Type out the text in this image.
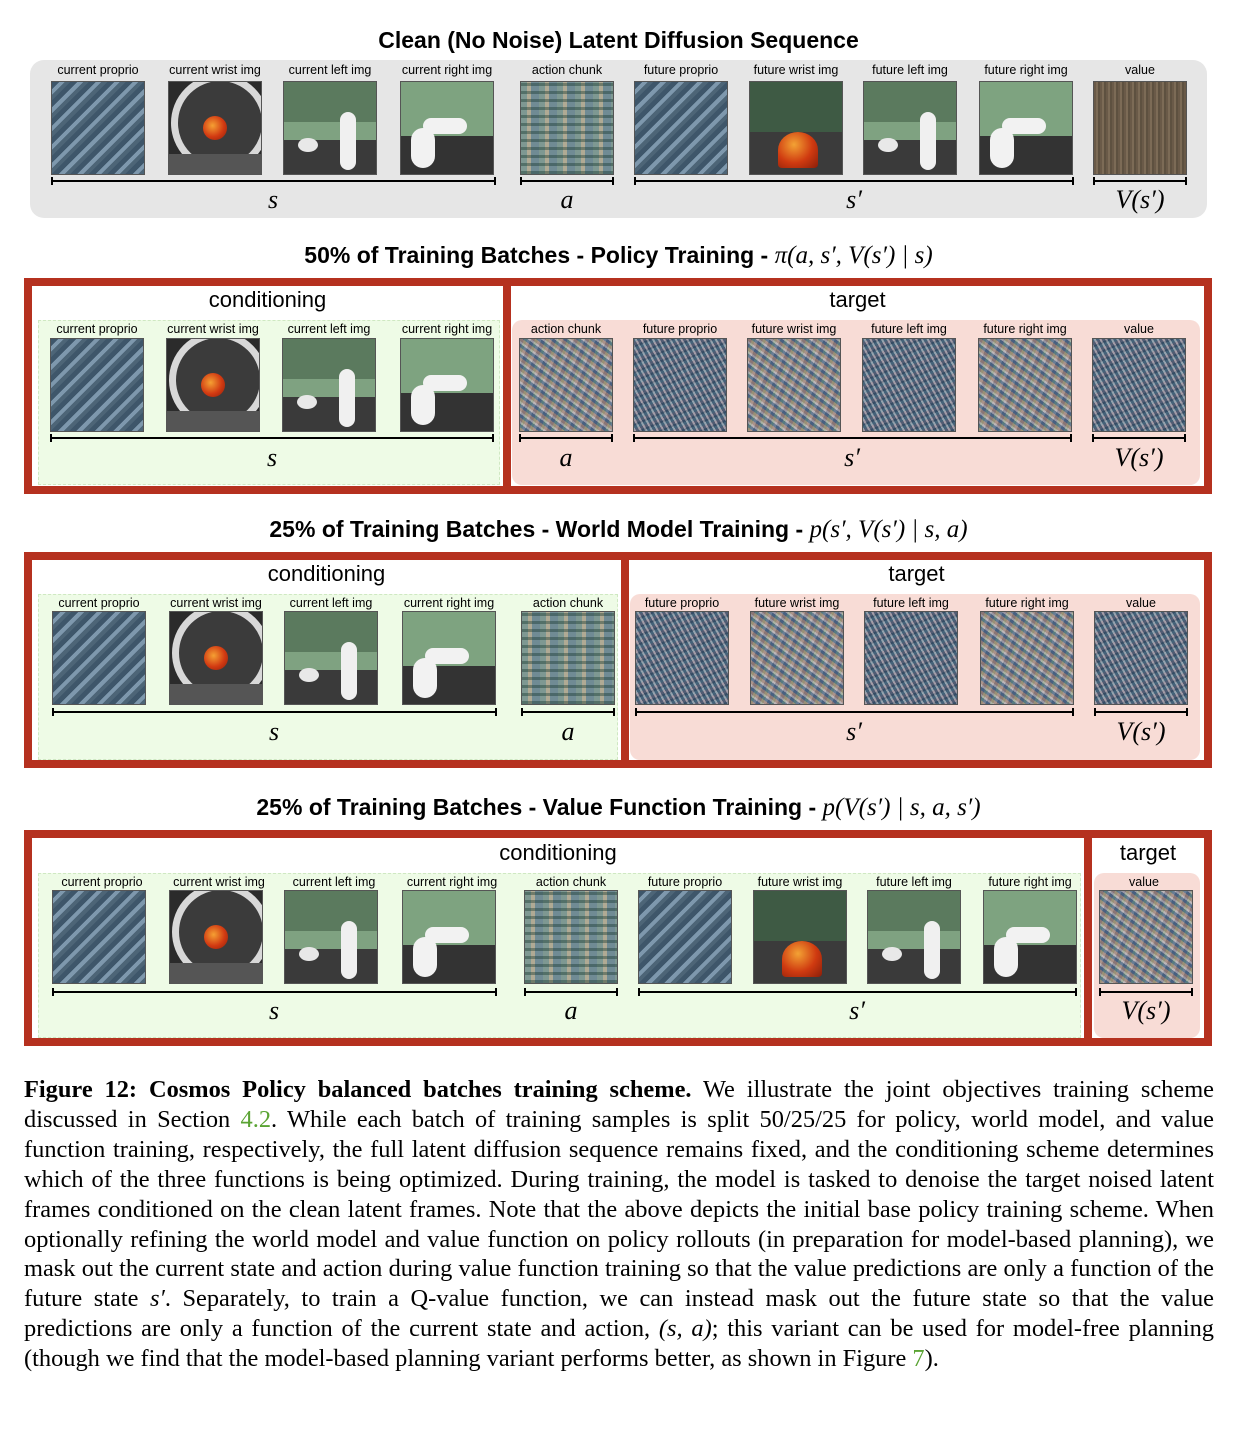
Clean (No Noise) Latent Diffusion Sequence
current proprio	current wrist img	current left img	current right img	action chunk	future proprio	future wrist img	future left img	future right img	value
s	a	s′	V(s′)
50% of Training Batches - Policy Training - π(a, s′, V(s′) | s)
conditioning	target
current proprio	current wrist img	current left img	current right img	action chunk	future proprio	future wrist img	future left img	future right img	value
s	a	s′	V(s′)
25% of Training Batches - World Model Training - p(s′, V(s′) | s, a)
conditioning	target
current proprio	current wrist img	current left img	current right img	action chunk	future proprio	future wrist img	future left img	future right img	value
s	a	s′	V(s′)
25% of Training Batches - Value Function Training - p(V(s′) | s, a, s′)
conditioning	target
current proprio	current wrist img	current left img	current right img	action chunk	future proprio	future wrist img	future left img	future right img	value
s	a	s′	V(s′)
Figure 12: Cosmos Policy balanced batches training scheme. We illustrate the joint objectives training scheme discussed in Section 4.2. While each batch of training samples is split 50/25/25 for policy, world model, and value function training, respectively, the full latent diffusion sequence remains fixed, and the conditioning scheme determines which of the three functions is being optimized. During training, the model is tasked to denoise the target noised latent frames conditioned on the clean latent frames. Note that the above depicts the initial base policy training scheme. When optionally refining the world model and value function on policy rollouts (in preparation for model-based planning), we mask out the current state and action during value function training so that the value predictions are only a function of the future state s′. Separately, to train a Q-value function, we can instead mask out the future state so that the value predictions are only a function of the current state and action, (s, a); this variant can be used for model-free planning (though we find that the model-based planning variant performs better, as shown in Figure 7).
